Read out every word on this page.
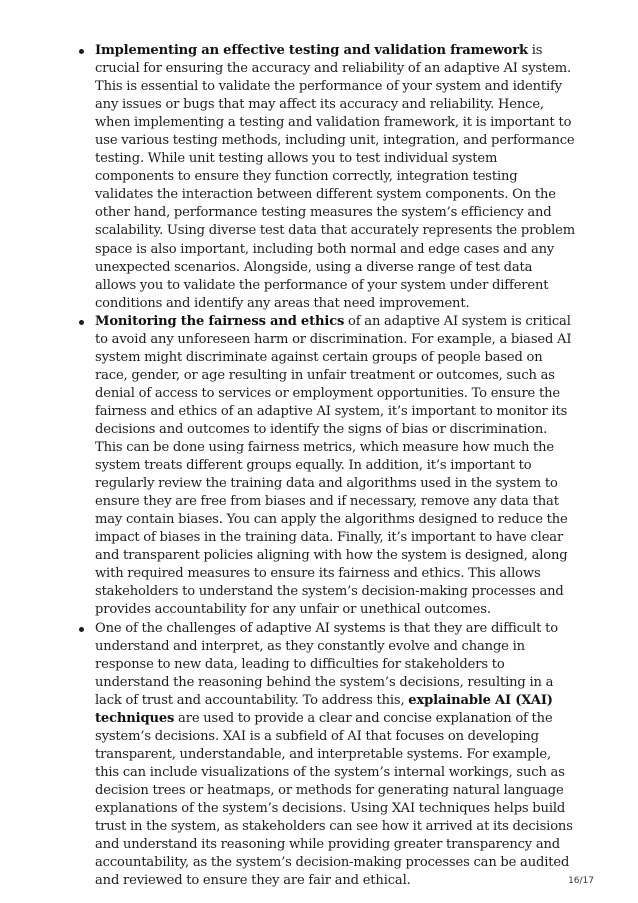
Implementing an effective testing and validation framework is crucial for ensuring the accuracy and reliability of an adaptive AI system. This is essential to validate the performance of your system and identify any issues or bugs that may affect its accuracy and reliability. Hence, when implementing a testing and validation framework, it is important to use various testing methods, including unit, integration, and performance testing. While unit testing allows you to test individual system components to ensure they function correctly, integration testing validates the interaction between different system components. On the other hand, performance testing measures the system’s efficiency and scalability. Using diverse test data that accurately represents the problem space is also important, including both normal and edge cases and any unexpected scenarios. Alongside, using a diverse range of test data allows you to validate the performance of your system under different conditions and identify any areas that need improvement.
Monitoring the fairness and ethics of an adaptive AI system is critical to avoid any unforeseen harm or discrimination. For example, a biased AI system might discriminate against certain groups of people based on race, gender, or age resulting in unfair treatment or outcomes, such as denial of access to services or employment opportunities. To ensure the fairness and ethics of an adaptive AI system, it’s important to monitor its decisions and outcomes to identify the signs of bias or discrimination. This can be done using fairness metrics, which measure how much the system treats different groups equally. In addition, it’s important to regularly review the training data and algorithms used in the system to ensure they are free from biases and if necessary, remove any data that may contain biases. You can apply the algorithms designed to reduce the impact of biases in the training data. Finally, it’s important to have clear and transparent policies aligning with how the system is designed, along with required measures to ensure its fairness and ethics. This allows stakeholders to understand the system’s decision-making processes and provides accountability for any unfair or unethical outcomes.
One of the challenges of adaptive AI systems is that they are difficult to understand and interpret, as they constantly evolve and change in response to new data, leading to difficulties for stakeholders to understand the reasoning behind the system’s decisions, resulting in a lack of trust and accountability. To address this, explainable AI (XAI) techniques are used to provide a clear and concise explanation of the system’s decisions. XAI is a subfield of AI that focuses on developing transparent, understandable, and interpretable systems. For example, this can include visualizations of the system’s internal workings, such as decision trees or heatmaps, or methods for generating natural language explanations of the system’s decisions. Using XAI techniques helps build trust in the system, as stakeholders can see how it arrived at its decisions and understand its reasoning while providing greater transparency and accountability, as the system’s decision-making processes can be audited and reviewed to ensure they are fair and ethical.	16/17
